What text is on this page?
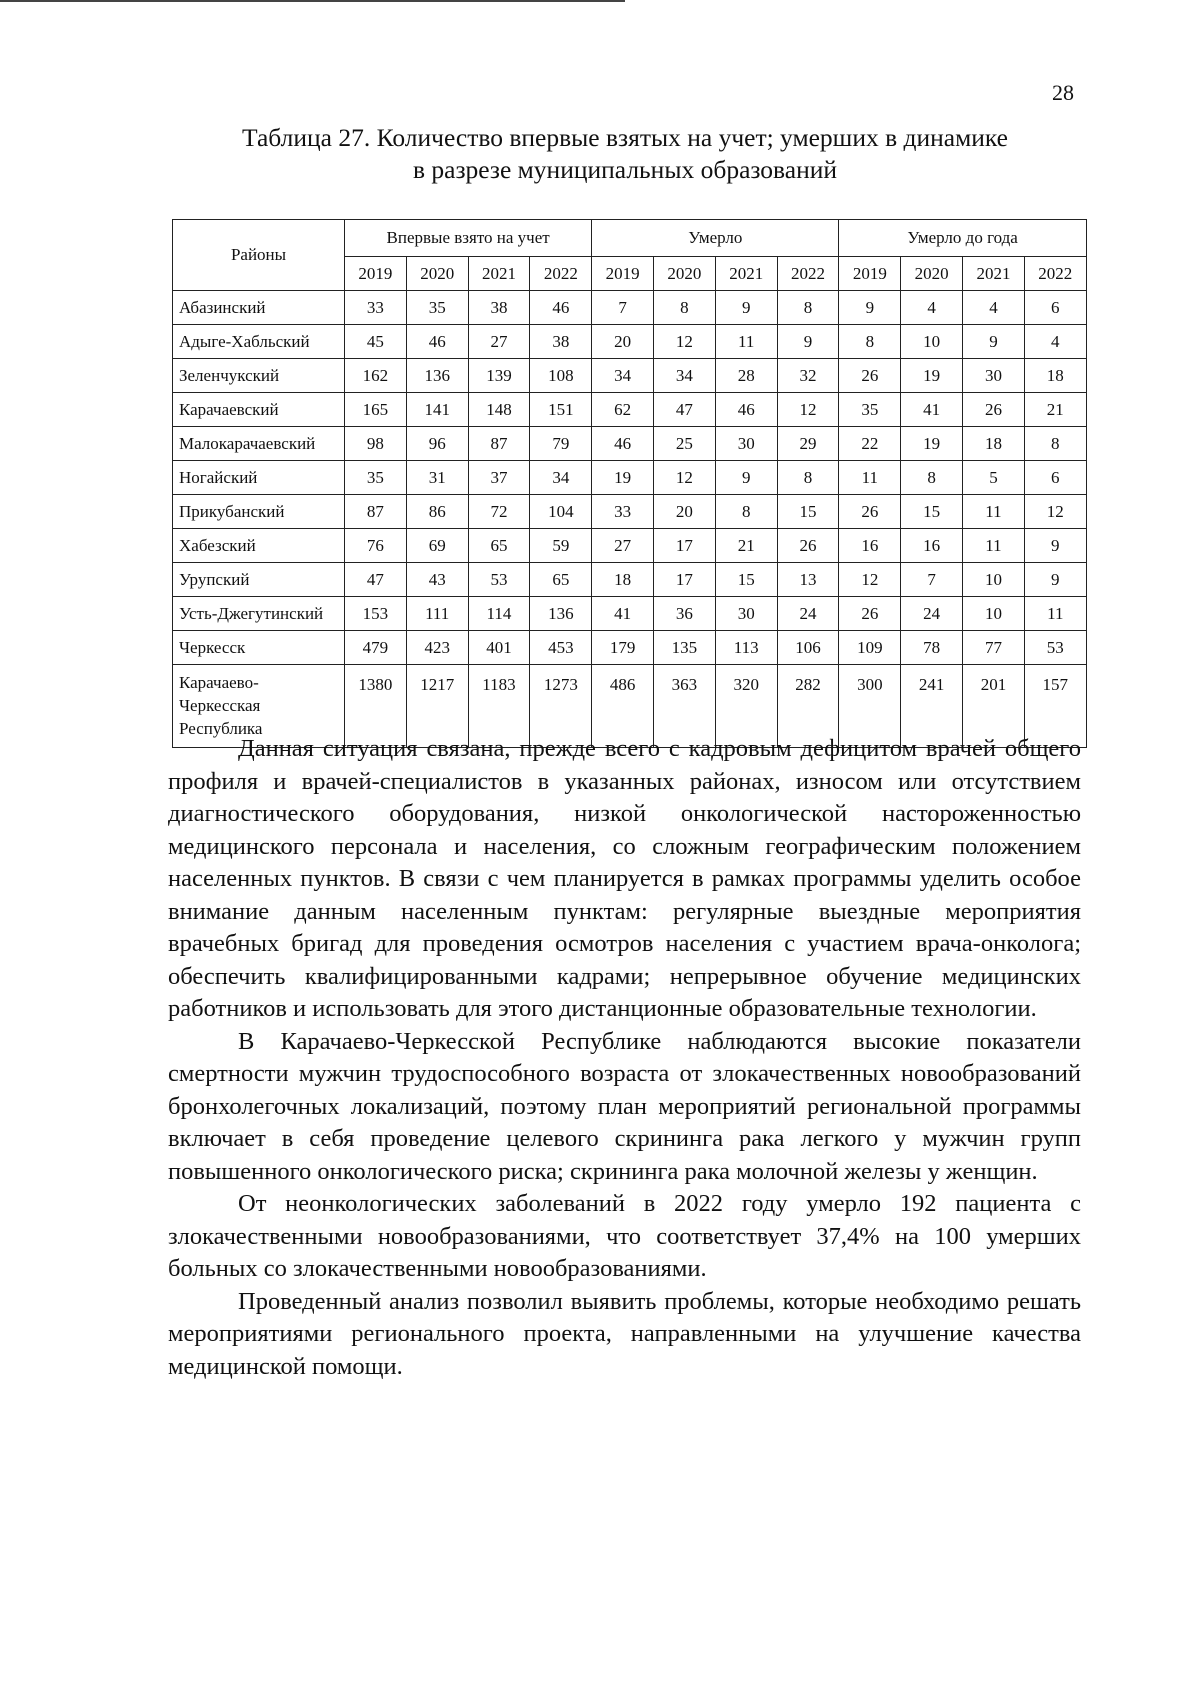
28
Таблица 27. Количество впервые взятых на учет; умерших в динамике
в разрезе муниципальных образований
Районы	Впервые взято на учет				Умерло				Умерло до года			
	2019	2020	2021	2022	2019	2020	2021	2022	2019	2020	2021	2022
Абазинский	33	35	38	46	7	8	9	8	9	4	4	6
Адыге-Хабльский	45	46	27	38	20	12	11	9	8	10	9	4
Зеленчукский	162	136	139	108	34	34	28	32	26	19	30	18
Карачаевский	165	141	148	151	62	47	46	12	35	41	26	21
Малокарачаевский	98	96	87	79	46	25	30	29	22	19	18	8
Ногайский	35	31	37	34	19	12	9	8	11	8	5	6
Прикубанский	87	86	72	104	33	20	8	15	26	15	11	12
Хабезский	76	69	65	59	27	17	21	26	16	16	11	9
Урупский	47	43	53	65	18	17	15	13	12	7	10	9
Усть-Джегутинский	153	111	114	136	41	36	30	24	26	24	10	11
Черкесск	479	423	401	453	179	135	113	106	109	78	77	53

Карачаево-
Черкесская
Республика	1380	1217	1183	1273	486	363	320	282	300	241	201	157

Данная ситуация связана, прежде всего с кадровым дефицитом врачей общего профиля и врачей-специалистов в указанных районах, износом или отсутствием диагностического оборудования, низкой онкологической настороженностью медицинского персонала и населения, со сложным географическим положением населенных пунктов. В связи с чем планируется в рамках программы уделить особое внимание данным населенным пунктам: регулярные выездные мероприятия врачебных бригад для проведения осмотров населения с участием врача-онколога; обеспечить квалифицированными кадрами; непрерывное обучение медицинских работников и использовать для этого дистанционные образовательные технологии.

В Карачаево-Черкесской Республике наблюдаются высокие показатели смертности мужчин трудоспособного возраста от злокачественных новообразований бронхолегочных локализаций, поэтому план мероприятий региональной программы включает в себя проведение целевого скрининга рака легкого у мужчин групп повышенного онкологического риска; скрининга рака молочной железы у женщин.

От неонкологических заболеваний в 2022 году умерло 192 пациента с злокачественными новообразованиями, что соответствует 37,4% на 100 умерших больных со злокачественными новообразованиями.

Проведенный анализ позволил выявить проблемы, которые необходимо решать мероприятиями регионального проекта, направленными на улучшение качества медицинской помощи.
